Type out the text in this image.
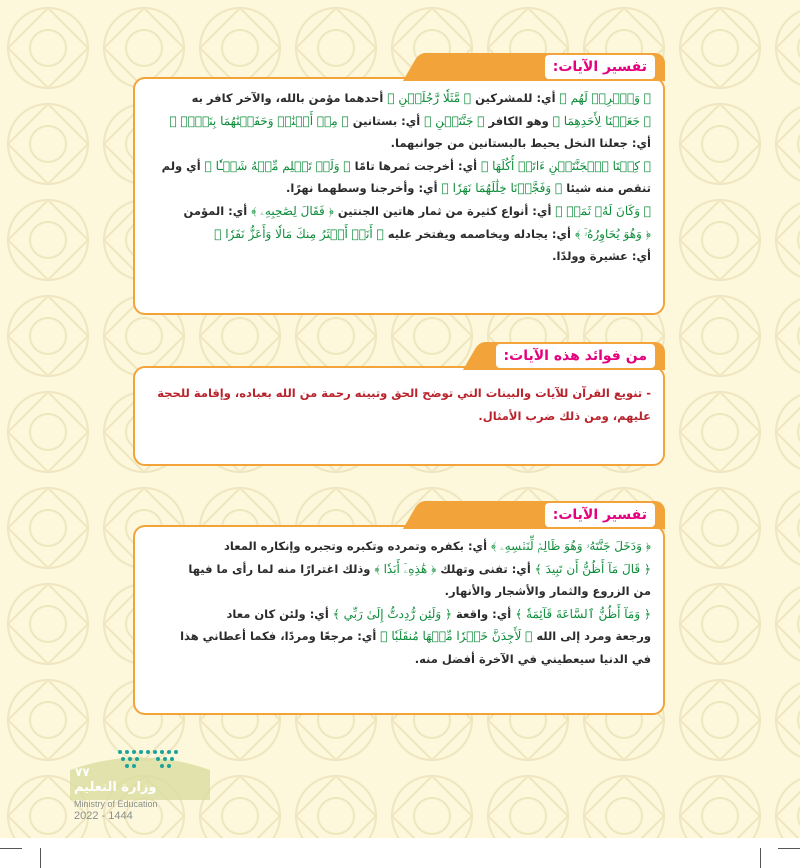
تفسير الآيات:
﴿ وَٱضۡرِبۡ لَهُم ﴾ أي: للمشركين ﴿ مَّثَلٗا رَّجُلَيۡنِ ﴾ أحدهما مؤمن بالله، والآخر كافر به
﴿ جَعَلۡنَا لِأَحَدِهِمَا ﴾ وهو الكافر ﴿ جَنَّتَيۡنِ ﴾ أي: بستانين ﴿ مِنۡ أَعۡنَٰبٖ وَحَفَفۡنَٰهُمَا بِنَخۡلٖ ﴾
أي: جعلنا النخل يحيط بالبستانين من جوانبهما.
﴿ كِلۡتَا ٱلۡجَنَّتَيۡنِ ءَاتَتۡ أُكُلَهَا ﴾ أي: أخرجت ثمرها تامًا ﴿ وَلَمۡ تَظۡلِم مِّنۡهُ شَيۡـٔٗا ﴾ أي ولم
تنقص منه شيئا ﴿ وَفَجَّرۡنَا خِلَٰلَهُمَا نَهَرٗا ﴾ أي: وأخرجنا وسطهما نهرًا.
﴿ وَكَانَ لَهُۥ ثَمَرٞ ﴾ أي: أنواع كثيرة من ثمار هاتين الجنتين ﴿ فَقَالَ لِصَٰحِبِهِۦ ﴾ أي: المؤمن
﴿ وَهُوَ يُحَاوِرُهُۥٓ ﴾ أي: يجادله ويخاصمه ويفتخر عليه ﴿ أَنَا۠ أَكۡثَرُ مِنكَ مَالٗا وَأَعَزُّ نَفَرٗا ﴾
أي: عشيرة وولدًا.
من فوائد هذه الآيات:
- تنويع القرآن للآيات والبينات التي توضح الحق وتبينه رحمة من الله بعباده، وإقامة للحجة
عليهم، ومن ذلك ضرب الأمثال.
تفسير الآيات:
﴿ وَدَخَلَ جَنَّتَهُۥ وَهُوَ ظَالِمٞ لِّنَفۡسِهِۦ ﴾ أي: بكفره وتمرده وتكبره وتجبره وإنكاره المعاد
﴿ قَالَ مَآ أَظُنُّ أَن تَبِيدَ ﴾ أي: تفنى وتهلك ﴿ هَٰذِهِۦٓ أَبَدٗا ﴾ وذلك اغترارًا منه لما رأى ما فيها
من الزروع والثمار والأشجار والأنهار.
﴿ وَمَآ أَظُنُّ ٱلسَّاعَةَ قَآئِمَةٗ ﴾ أي: واقعة ﴿ وَلَئِن رُّدِدتُّ إِلَىٰ رَبِّي ﴾ أي: ولئن كان معاد
ورجعة ومرد إلى الله ﴿ لَأَجِدَنَّ خَيۡرٗا مِّنۡهَا مُنقَلَبٗا ﴾ أي: مرجعًا ومردًا، فكما أعطاني هذا
في الدنيا سيعطيني في الآخرة أفضل منه.
٧٧
وزارة التعليم
Ministry of Education
2022 - 1444
